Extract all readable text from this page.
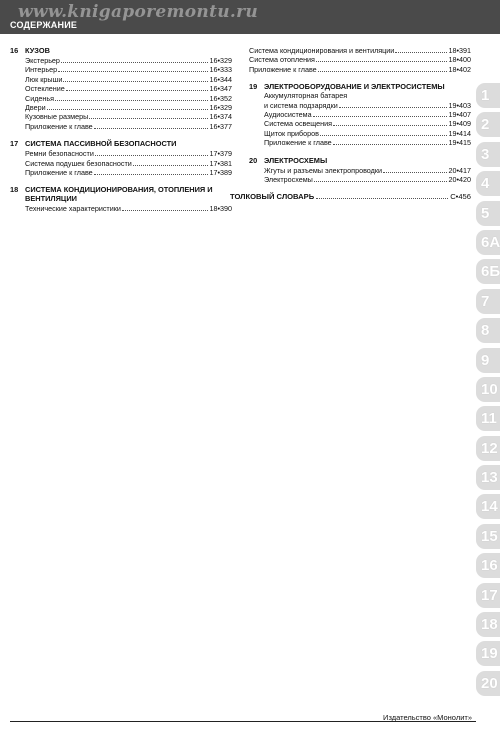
www.knigaporemontu.ru
СОДЕРЖАНИЕ
16 КУЗОВ
Экстерьер	16•329
Интерьер	16•333
Люк крыши	16•344
Остекление	16•347
Сиденья	16•352
Двери	16•329
Кузовные размеры	16•374
Приложение к главе	16•377
17 СИСТЕМА ПАССИВНОЙ БЕЗОПАСНОСТИ
Ремни безопасности	17•379
Система подушек безопасности	17•381
Приложение к главе	17•389
18 СИСТЕМА КОНДИЦИОНИРОВАНИЯ, ОТОПЛЕНИЯ И ВЕНТИЛЯЦИИ
Технические характеристики	18•390
Система кондиционирования и вентиляции	18•391
Система отопления	18•400
Приложение к главе	18•402
19 ЭЛЕКТРООБОРУДОВАНИЕ И ЭЛЕКТРОСИСТЕМЫ
Аккумуляторная батарея
и система подзарядки	19•403
Аудиосистема	19•407
Система освещения	19•409
Щиток приборов	19•414
Приложение к главе	19•415
20 ЭЛЕКТРОСХЕМЫ
Жгуты и разъемы электропроводки	20•417
Электросхемы	20•420
ТОЛКОВЫЙ СЛОВАРЬ	С•456
1
2
3
4
5
6А
6Б
7
8
9
10
11
12
13
14
15
16
17
18
19
20
Издательство «Монолит»
